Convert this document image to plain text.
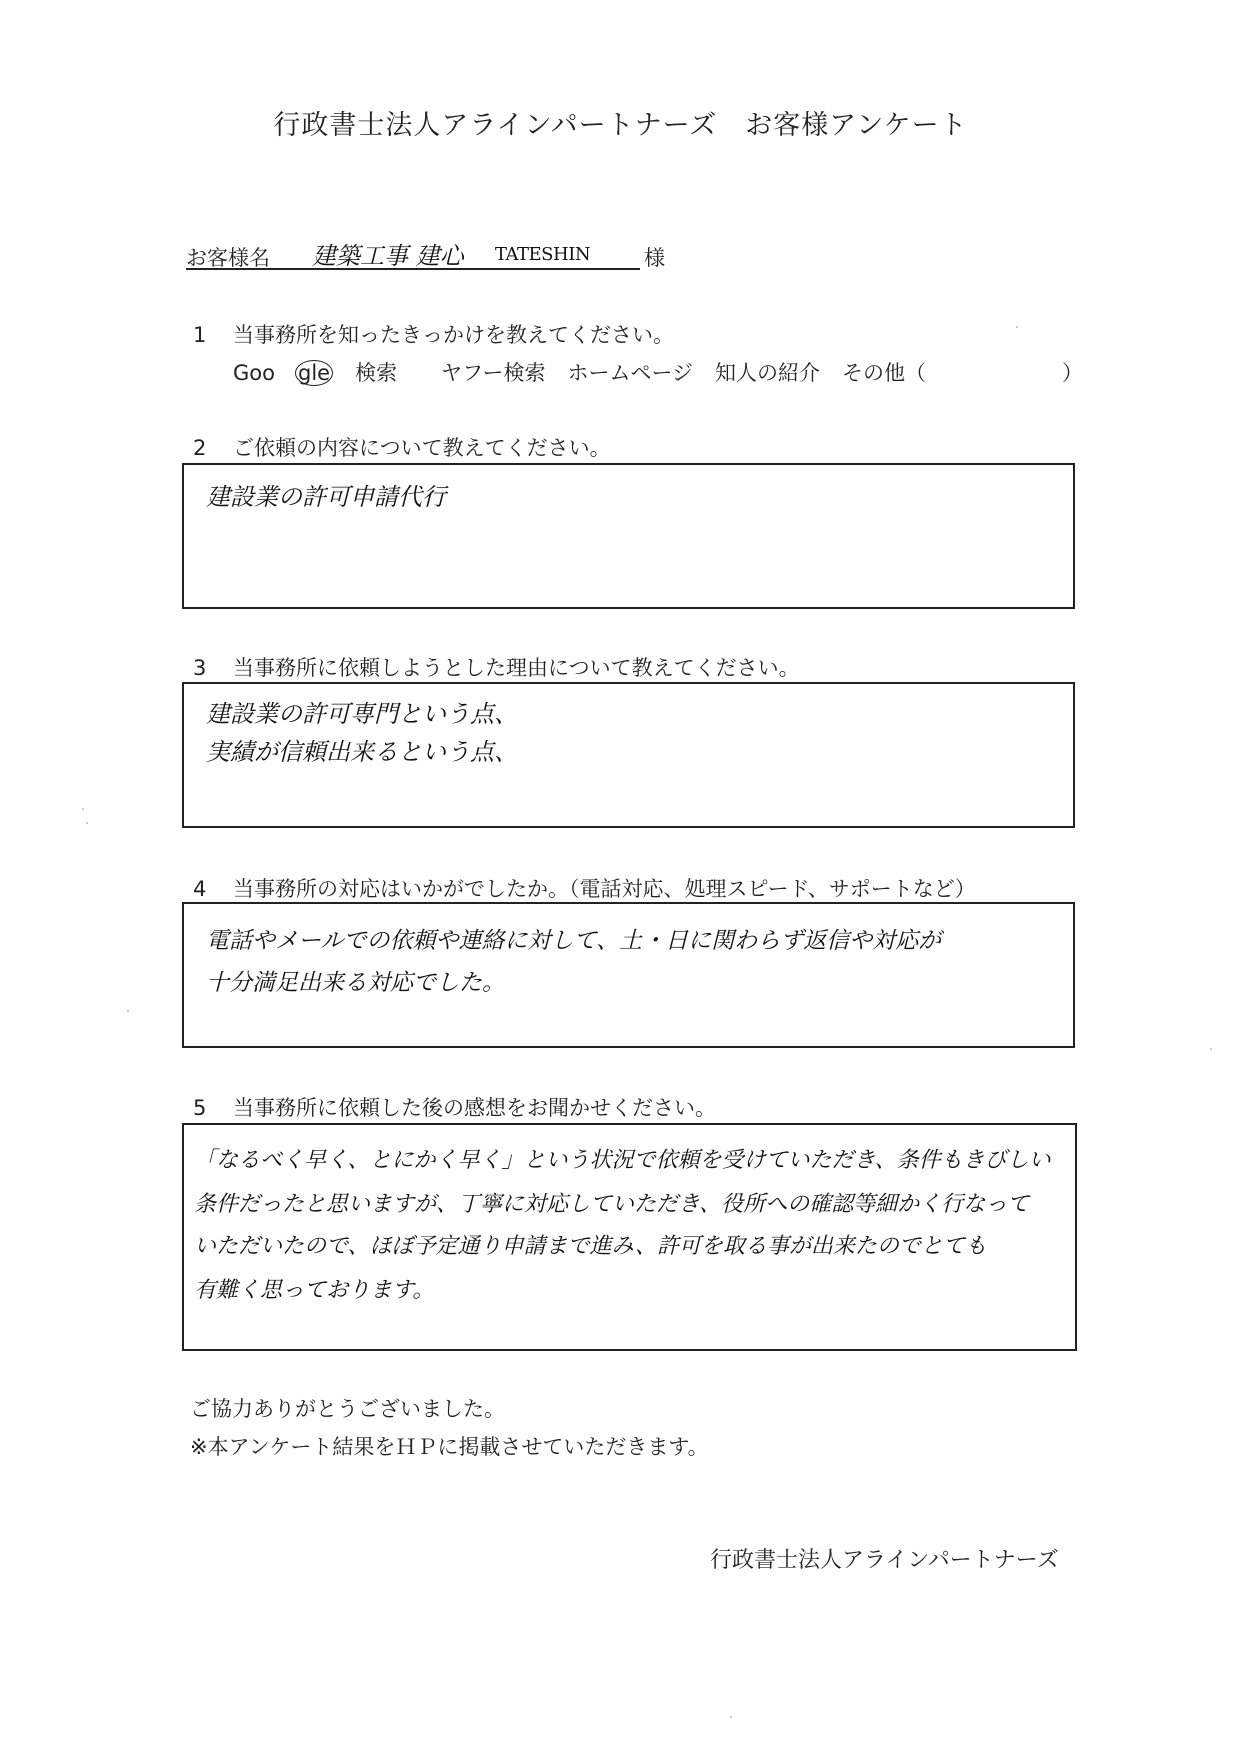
行政書士法人アラインパートナーズ　お客様アンケート
お客様名 建築工事 建心 TATESHIN	様
1 当事務所を知ったきっかけを教えてください。
Goo gle 検索 ヤフー検索 ホームページ 知人の紹介 その他（	）
2 ご依頼の内容について教えてください。
建設業の許可申請代行
3 当事務所に依頼しようとした理由について教えてください。
建設業の許可専門という点、
実績が信頼出来るという点、
4 当事務所の対応はいかがでしたか。（電話対応、処理スピード、サポートなど）
電話やメールでの依頼や連絡に対して、土・日に関わらず返信や対応が
十分満足出来る対応でした。
5 当事務所に依頼した後の感想をお聞かせください。
「なるべく早く、とにかく早く」という状況で依頼を受けていただき、条件もきびしい
条件だったと思いますが、丁寧に対応していただき、役所への確認等細かく行なって
いただいたので、ほぼ予定通り申請まで進み、許可を取る事が出来たのでとても
有難く思っております。
ご協力ありがとうございました。
※本アンケート結果をＨＰに掲載させていただきます。
行政書士法人アラインパートナーズ
